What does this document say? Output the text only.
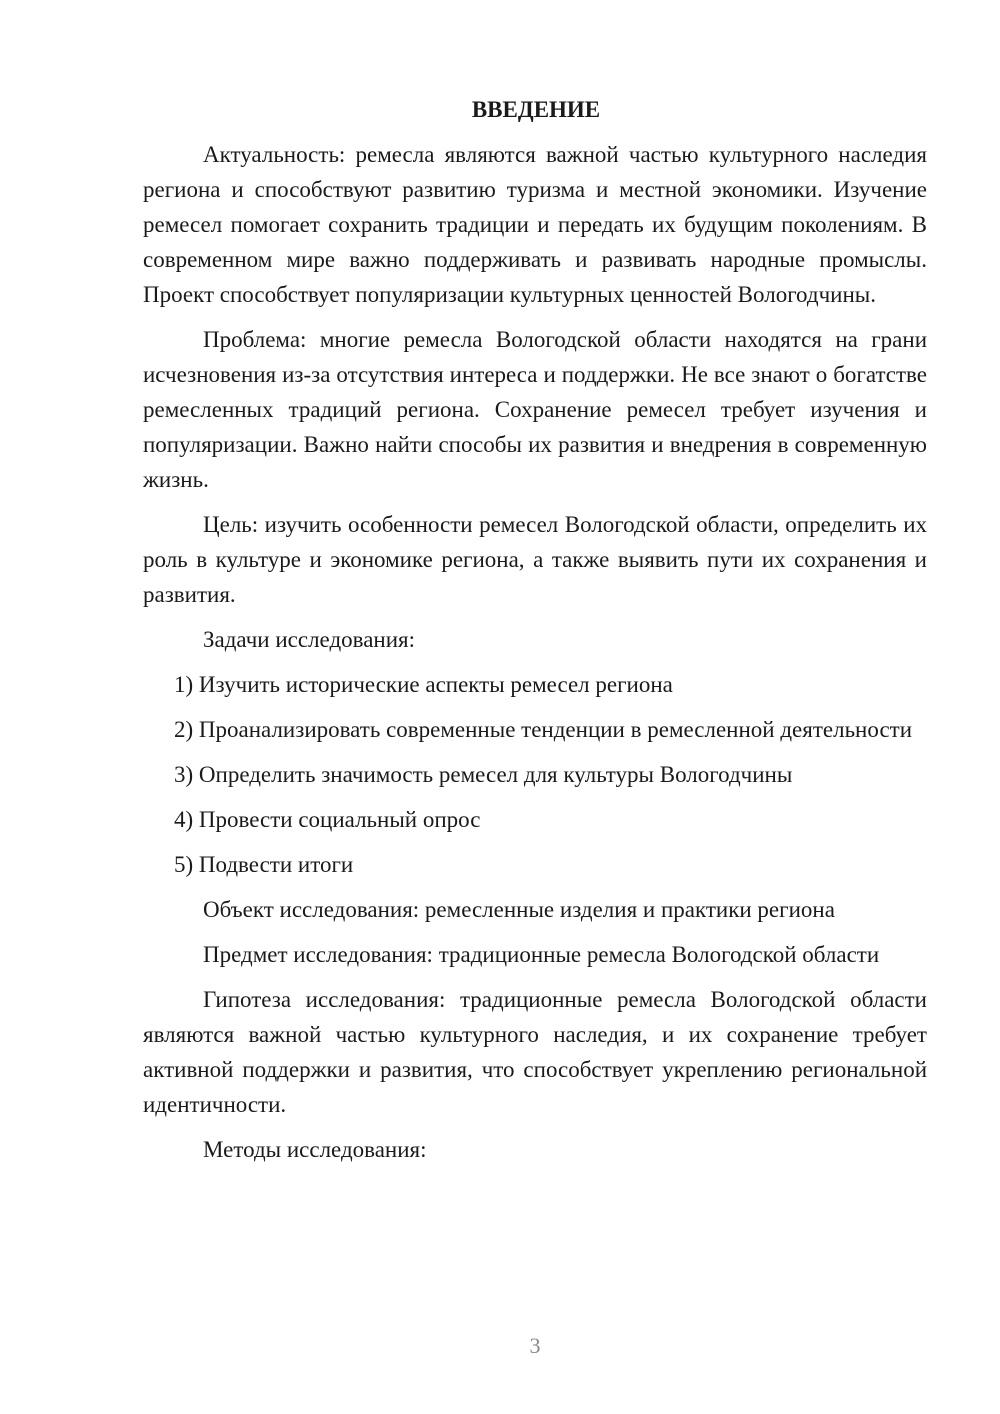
ВВЕДЕНИЕ

Актуальность: ремесла являются важной частью культурного наследия региона и способствуют развитию туризма и местной экономики. Изучение ремесел помогает сохранить традиции и передать их будущим поколениям. В современном мире важно поддерживать и развивать народные промыслы. Проект способствует популяризации культурных ценностей Вологодчины.

Проблема: многие ремесла Вологодской области находятся на грани исчезновения из-за отсутствия интереса и поддержки. Не все знают о богатстве ремесленных традиций региона. Сохранение ремесел требует изучения и популяризации. Важно найти способы их развития и внедрения в современную жизнь.

Цель: изучить особенности ремесел Вологодской области, определить их роль в культуре и экономике региона, а также выявить пути их сохранения и развития.

Задачи исследования:

1) Изучить исторические аспекты ремесел региона

2) Проанализировать современные тенденции в ремесленной деятельности

3) Определить значимость ремесел для культуры Вологодчины

4) Провести социальный опрос

5) Подвести итоги

Объект исследования: ремесленные изделия и практики региона

Предмет исследования: традиционные ремесла Вологодской области

Гипотеза исследования: традиционные ремесла Вологодской области являются важной частью культурного наследия, и их сохранение требует активной поддержки и развития, что способствует укреплению региональной идентичности.

Методы исследования:

3
